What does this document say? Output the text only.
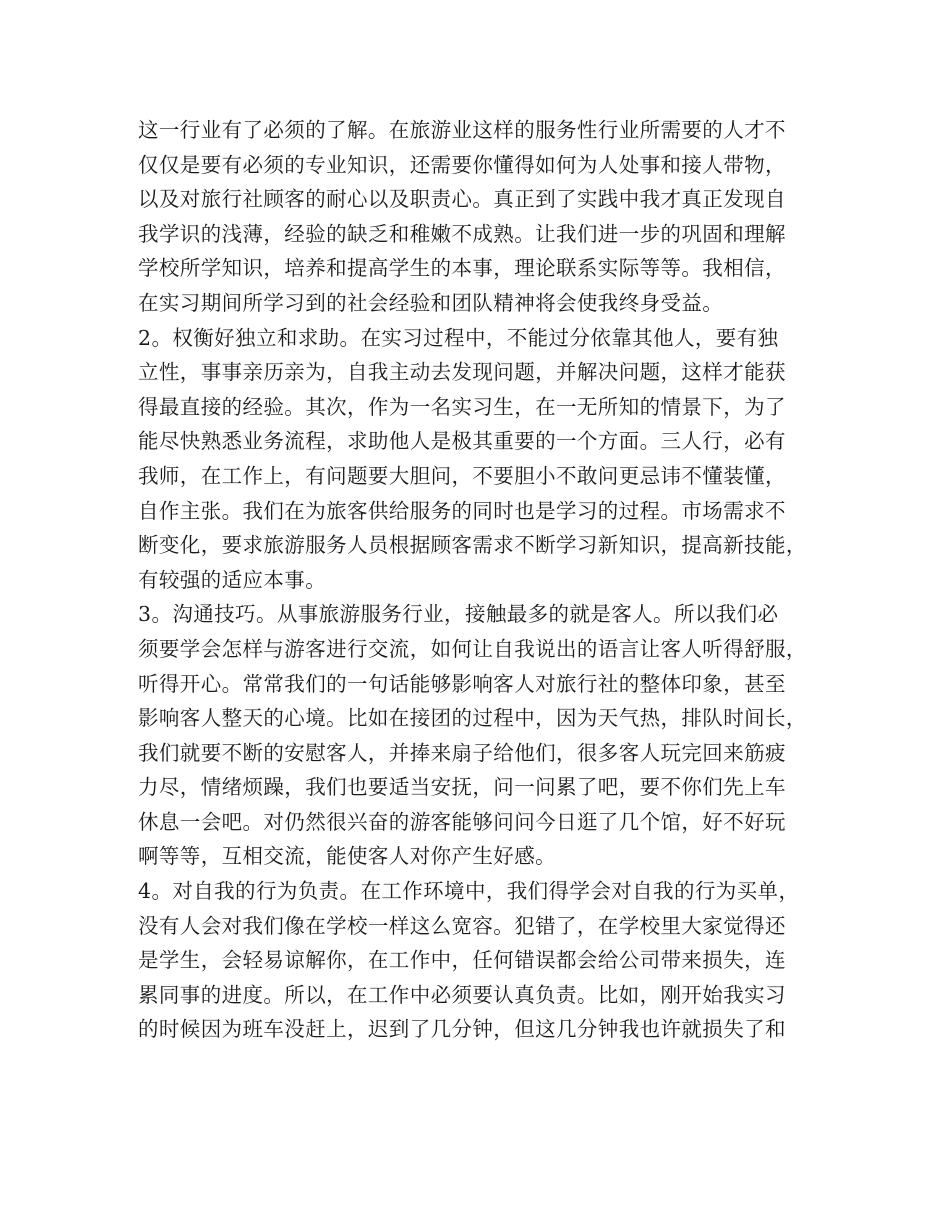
这一行业有了必须的了解。在旅游业这样的服务性行业所需要的人才不
仅仅是要有必须的专业知识，还需要你懂得如何为人处事和接人带物，
以及对旅行社顾客的耐心以及职责心。真正到了实践中我才真正发现自
我学识的浅薄，经验的缺乏和稚嫩不成熟。让我们进一步的巩固和理解
学校所学知识，培养和提高学生的本事，理论联系实际等等。我相信，
在实习期间所学习到的社会经验和团队精神将会使我终身受益。
2。权衡好独立和求助。在实习过程中，不能过分依靠其他人，要有独
立性，事事亲历亲为，自我主动去发现问题，并解决问题，这样才能获
得最直接的经验。其次，作为一名实习生，在一无所知的情景下，为了
能尽快熟悉业务流程，求助他人是极其重要的一个方面。三人行，必有
我师，在工作上，有问题要大胆问，不要胆小不敢问更忌讳不懂装懂，
自作主张。我们在为旅客供给服务的同时也是学习的过程。市场需求不
断变化，要求旅游服务人员根据顾客需求不断学习新知识，提高新技能，
有较强的适应本事。
3。沟通技巧。从事旅游服务行业，接触最多的就是客人。所以我们必
须要学会怎样与游客进行交流，如何让自我说出的语言让客人听得舒服，
听得开心。常常我们的一句话能够影响客人对旅行社的整体印象，甚至
影响客人整天的心境。比如在接团的过程中，因为天气热，排队时间长，
我们就要不断的安慰客人，并捧来扇子给他们，很多客人玩完回来筋疲
力尽，情绪烦躁，我们也要适当安抚，问一问累了吧，要不你们先上车
休息一会吧。对仍然很兴奋的游客能够问问今日逛了几个馆，好不好玩
啊等等，互相交流，能使客人对你产生好感。
4。对自我的行为负责。在工作环境中，我们得学会对自我的行为买单，
没有人会对我们像在学校一样这么宽容。犯错了，在学校里大家觉得还
是学生，会轻易谅解你，在工作中，任何错误都会给公司带来损失，连
累同事的进度。所以，在工作中必须要认真负责。比如，刚开始我实习
的时候因为班车没赶上，迟到了几分钟，但这几分钟我也许就损失了和
